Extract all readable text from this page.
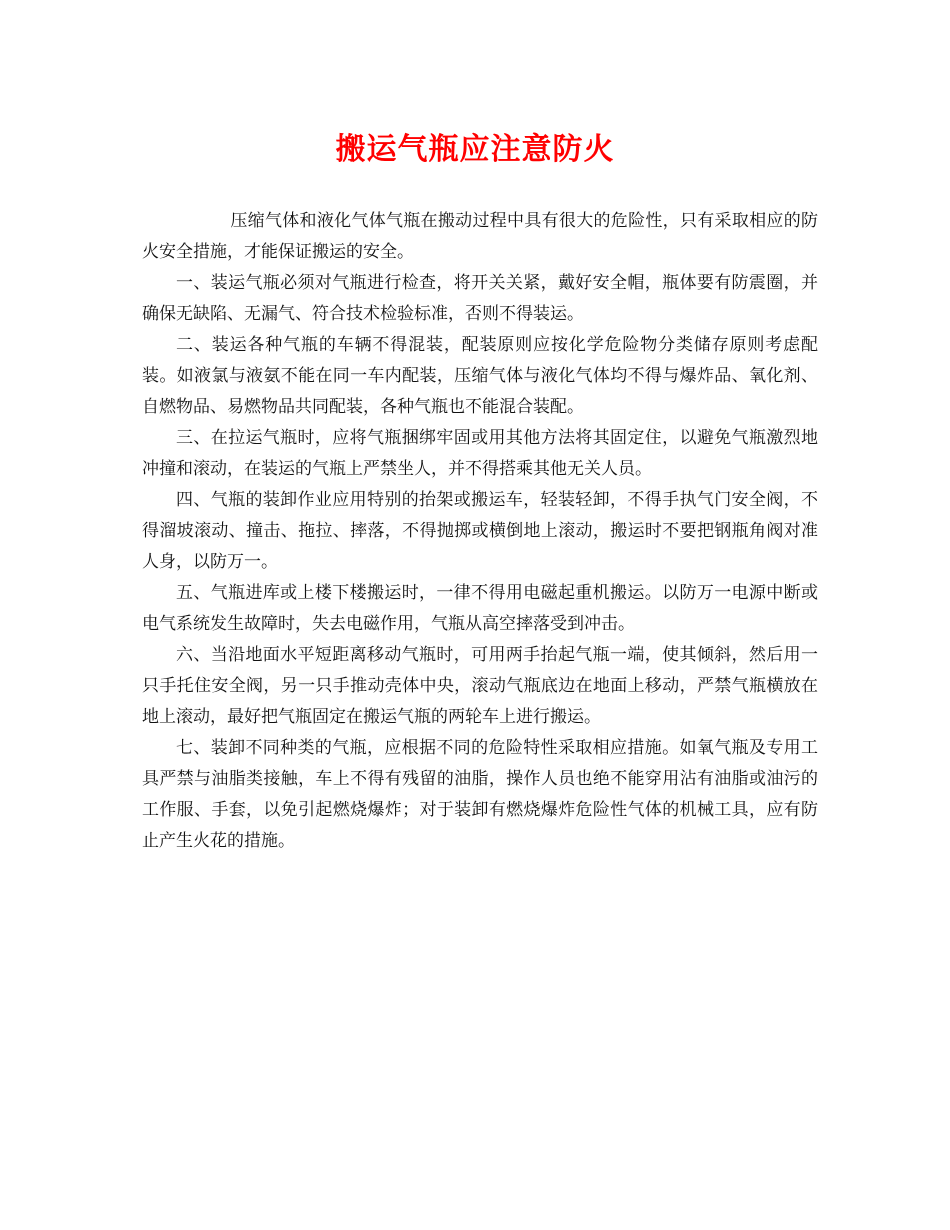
搬运气瓶应注意防火

压缩气体和液化气体气瓶在搬动过程中具有很大的危险性，只有采取相应的防火安全措施，才能保证搬运的安全。

一、装运气瓶必须对气瓶进行检查，将开关关紧，戴好安全帽，瓶体要有防震圈，并确保无缺陷、无漏气、符合技术检验标准，否则不得装运。

二、装运各种气瓶的车辆不得混装，配装原则应按化学危险物分类储存原则考虑配装。如液氯与液氨不能在同一车内配装，压缩气体与液化气体均不得与爆炸品、氧化剂、自燃物品、易燃物品共同配装，各种气瓶也不能混合装配。

三、在拉运气瓶时，应将气瓶捆绑牢固或用其他方法将其固定住，以避免气瓶激烈地冲撞和滚动，在装运的气瓶上严禁坐人，并不得搭乘其他无关人员。

四、气瓶的装卸作业应用特别的抬架或搬运车，轻装轻卸，不得手执气门安全阀，不得溜坡滚动、撞击、拖拉、摔落，不得抛掷或横倒地上滚动，搬运时不要把钢瓶角阀对准人身，以防万一。

五、气瓶进库或上楼下楼搬运时，一律不得用电磁起重机搬运。以防万一电源中断或电气系统发生故障时，失去电磁作用，气瓶从高空摔落受到冲击。

六、当沿地面水平短距离移动气瓶时，可用两手抬起气瓶一端，使其倾斜，然后用一只手托住安全阀，另一只手推动壳体中央，滚动气瓶底边在地面上移动，严禁气瓶横放在地上滚动，最好把气瓶固定在搬运气瓶的两轮车上进行搬运。

七、装卸不同种类的气瓶，应根据不同的危险特性采取相应措施。如氧气瓶及专用工具严禁与油脂类接触，车上不得有残留的油脂，操作人员也绝不能穿用沾有油脂或油污的工作服、手套，以免引起燃烧爆炸；对于装卸有燃烧爆炸危险性气体的机械工具，应有防止产生火花的措施。
